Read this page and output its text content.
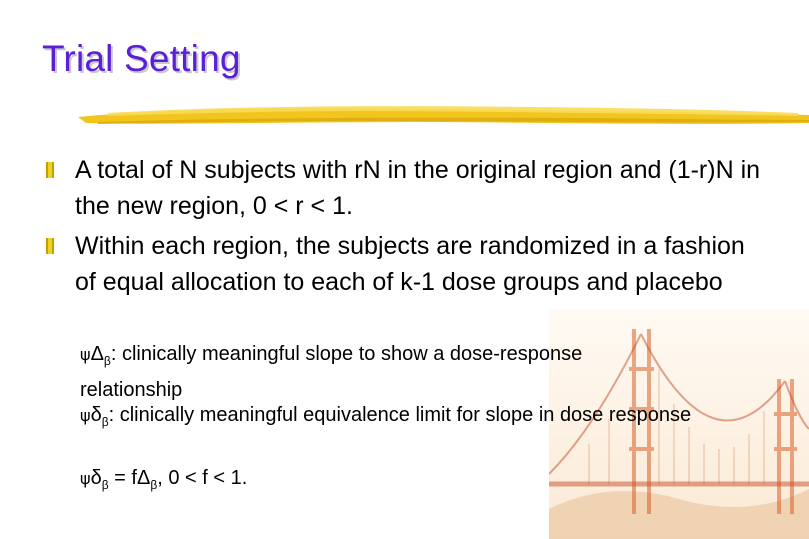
Trial Setting
A total of N subjects with rN in the original region and (1-r)N in the new region, 0 < r < 1.
Within each region, the subjects are randomized in a fashion of equal allocation to each of k-1 dose groups and placebo
$\psi\Delta_\beta$: clinically meaningful slope to show a dose-response relationship
$\psi\delta_\beta$: clinically meaningful equivalence limit for slope in dose response
$\psi\delta_\beta = f\Delta_\beta$, 0 < f < 1.
